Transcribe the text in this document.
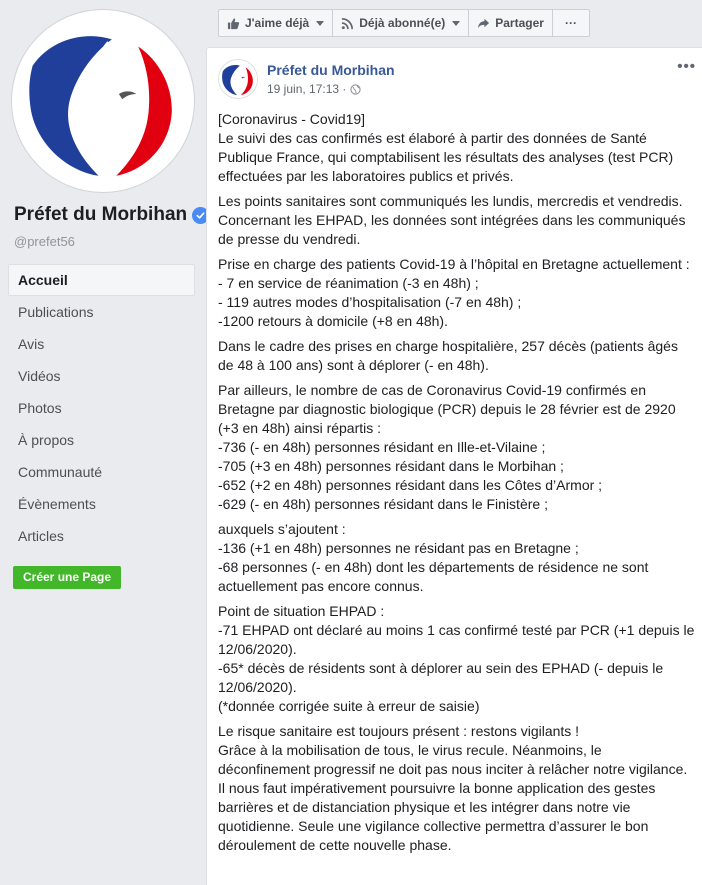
Préfet du Morbihan
@prefet56
Accueil
Publications
Avis
Vidéos
Photos
À propos
Communauté
Évènements
Articles
Créer une Page
J'aime déjà	Déjà abonné(e)	Partager ···
Préfet du Morbihan
19 juin, 17:13 ·
•••

[Coronavirus - Covid19]
Le suivi des cas confirmés est élaboré à partir des données de Santé Publique France, qui comptabilisent les résultats des analyses (test PCR) effectuées par les laboratoires publics et privés.

Les points sanitaires sont communiqués les lundis, mercredis et vendredis. Concernant les EHPAD, les données sont intégrées dans les communiqués de presse du vendredi.

Prise en charge des patients Covid-19 à l’hôpital en Bretagne actuellement :
- 7 en service de réanimation (-3 en 48h) ;
- 119 autres modes d’hospitalisation (-7 en 48h) ;
-1200 retours à domicile (+8 en 48h).

Dans le cadre des prises en charge hospitalière, 257 décès (patients âgés de 48 à 100 ans) sont à déplorer (- en 48h).

Par ailleurs, le nombre de cas de Coronavirus Covid-19 confirmés en Bretagne par diagnostic biologique (PCR) depuis le 28 février est de 2920 (+3 en 48h) ainsi répartis :
-736 (- en 48h) personnes résidant en Ille-et-Vilaine ;
-705 (+3 en 48h) personnes résidant dans le Morbihan ;
-652 (+2 en 48h) personnes résidant dans les Côtes d’Armor ;
-629 (- en 48h) personnes résidant dans le Finistère ;

auxquels s’ajoutent :
-136 (+1 en 48h) personnes ne résidant pas en Bretagne ;
-68 personnes (- en 48h) dont les départements de résidence ne sont actuellement pas encore connus.

Point de situation EHPAD :
-71 EHPAD ont déclaré au moins 1 cas confirmé testé par PCR (+1 depuis le 12/06/2020).
-65* décès de résidents sont à déplorer au sein des EPHAD (- depuis le 12/06/2020).
(*donnée corrigée suite à erreur de saisie)

Le risque sanitaire est toujours présent : restons vigilants !
Grâce à la mobilisation de tous, le virus recule. Néanmoins, le déconfinement progressif ne doit pas nous inciter à relâcher notre vigilance. Il nous faut impérativement poursuivre la bonne application des gestes barrières et de distanciation physique et les intégrer dans notre vie quotidienne. Seule une vigilance collective permettra d’assurer le bon déroulement de cette nouvelle phase.
